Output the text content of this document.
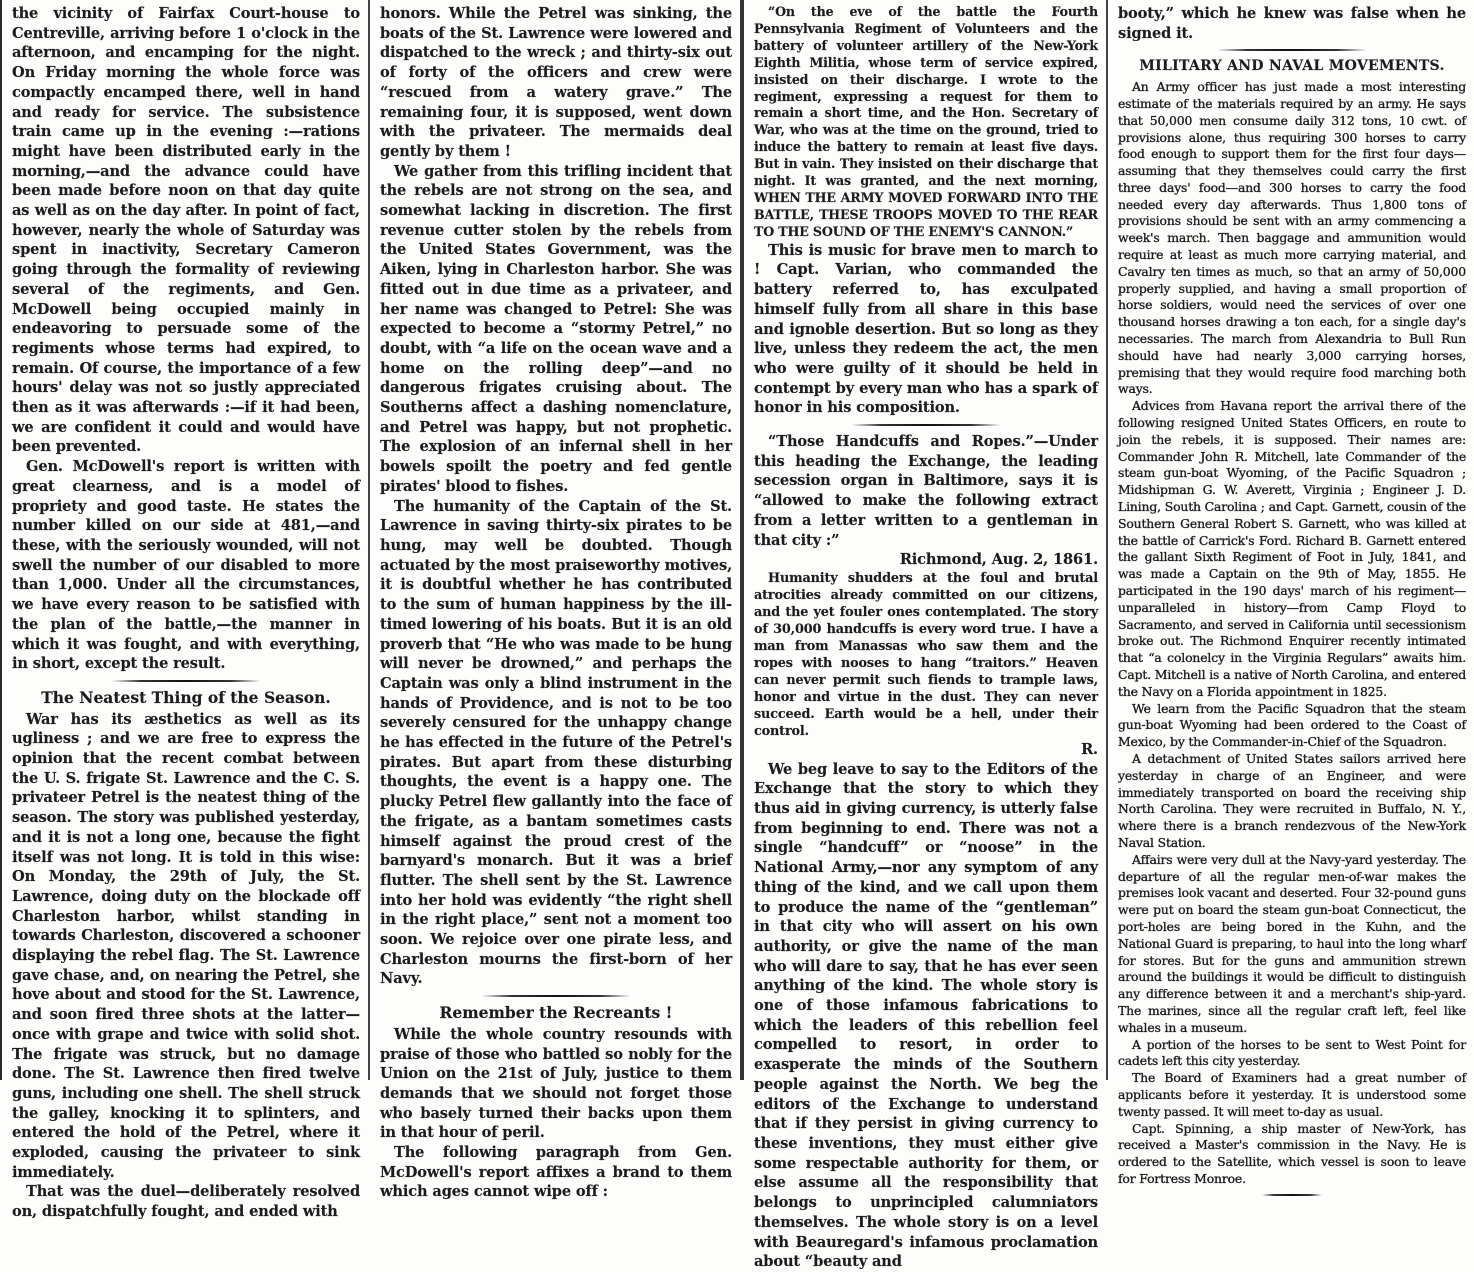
the vicinity of Fairfax Court-house to Centreville, arriving before 1 o'clock in the afternoon, and encamping for the night. On Friday morning the whole force was compactly encamped there, well in hand and ready for service. The subsistence train came up in the evening :—rations might have been distributed early in the morning,—and the advance could have been made before noon on that day quite as well as on the day after. In point of fact, however, nearly the whole of Saturday was spent in inactivity, Secretary Cameron going through the formality of reviewing several of the regiments, and Gen. McDowell being occupied mainly in endeavoring to persuade some of the regiments whose terms had expired, to remain. Of course, the importance of a few hours' delay was not so justly appreciated then as it was afterwards :—if it had been, we are confident it could and would have been prevented.

Gen. McDowell's report is written with great clearness, and is a model of propriety and good taste. He states the number killed on our side at 481,—and these, with the seriously wounded, will not swell the number of our disabled to more than 1,000. Under all the circumstances, we have every reason to be satisfied with the plan of the battle,—the manner in which it was fought, and with everything, in short, except the result.

The Neatest Thing of the Season.

War has its æsthetics as well as its ugliness ; and we are free to express the opinion that the recent combat between the U. S. frigate St. Lawrence and the C. S. privateer Petrel is the neatest thing of the season. The story was published yesterday, and it is not a long one, because the fight itself was not long. It is told in this wise: On Monday, the 29th of July, the St. Lawrence, doing duty on the blockade off Charleston harbor, whilst standing in towards Charleston, discovered a schooner displaying the rebel flag. The St. Lawrence gave chase, and, on nearing the Petrel, she hove about and stood for the St. Lawrence, and soon fired three shots at the latter—once with grape and twice with solid shot. The frigate was struck, but no damage done. The St. Lawrence then fired twelve guns, including one shell. The shell struck the galley, knocking it to splinters, and entered the hold of the Petrel, where it exploded, causing the privateer to sink immediately.

That was the duel—deliberately resolved on, dispatchfully fought, and ended with

honors. While the Petrel was sinking, the boats of the St. Lawrence were lowered and dispatched to the wreck ; and thirty-six out of forty of the officers and crew were “rescued from a watery grave.” The remaining four, it is supposed, went down with the privateer. The mermaids deal gently by them !

We gather from this trifling incident that the rebels are not strong on the sea, and somewhat lacking in discretion. The first revenue cutter stolen by the rebels from the United States Government, was the Aiken, lying in Charleston harbor. She was fitted out in due time as a privateer, and her name was changed to Petrel: She was expected to become a “stormy Petrel,” no doubt, with “a life on the ocean wave and a home on the rolling deep”—and no dangerous frigates cruising about. The Southerns affect a dashing nomenclature, and Petrel was happy, but not prophetic. The explosion of an infernal shell in her bowels spoilt the poetry and fed gentle pirates' blood to fishes.

The humanity of the Captain of the St. Lawrence in saving thirty-six pirates to be hung, may well be doubted. Though actuated by the most praiseworthy motives, it is doubtful whether he has contributed to the sum of human happiness by the ill-timed lowering of his boats. But it is an old proverb that “He who was made to be hung will never be drowned,” and perhaps the Captain was only a blind instrument in the hands of Providence, and is not to be too severely censured for the unhappy change he has effected in the future of the Petrel's pirates. But apart from these disturbing thoughts, the event is a happy one. The plucky Petrel flew gallantly into the face of the frigate, as a bantam sometimes casts himself against the proud crest of the barnyard's monarch. But it was a brief flutter. The shell sent by the St. Lawrence into her hold was evidently “the right shell in the right place,” sent not a moment too soon. We rejoice over one pirate less, and Charleston mourns the first-born of her Navy.

Remember the Recreants !

While the whole country resounds with praise of those who battled so nobly for the Union on the 21st of July, justice to them demands that we should not forget those who basely turned their backs upon them in that hour of peril.

The following paragraph from Gen. McDowell's report affixes a brand to them which ages cannot wipe off :

“On the eve of the battle the Fourth Pennsylvania Regiment of Volunteers and the battery of volunteer artillery of the New-York Eighth Militia, whose term of service expired, insisted on their discharge. I wrote to the regiment, expressing a request for them to remain a short time, and the Hon. Secretary of War, who was at the time on the ground, tried to induce the battery to remain at least five days. But in vain. They insisted on their discharge that night. It was granted, and the next morning, WHEN THE ARMY MOVED FORWARD INTO THE BATTLE, THESE TROOPS MOVED TO THE REAR TO THE SOUND OF THE ENEMY'S CANNON.”

This is music for brave men to march to ! Capt. Varian, who commanded the battery referred to, has exculpated himself fully from all share in this base and ignoble desertion. But so long as they live, unless they redeem the act, the men who were guilty of it should be held in contempt by every man who has a spark of honor in his composition.

“Those Handcuffs and Ropes.”—Under this heading the Exchange, the leading secession organ in Baltimore, says it is “allowed to make the following extract from a letter written to a gentleman in that city :”

Richmond, Aug. 2, 1861.

Humanity shudders at the foul and brutal atrocities already committed on our citizens, and the yet fouler ones contemplated. The story of 30,000 handcuffs is every word true. I have a man from Manassas who saw them and the ropes with nooses to hang “traitors.” Heaven can never permit such fiends to trample laws, honor and virtue in the dust. They can never succeed. Earth would be a hell, under their control.

R.

We beg leave to say to the Editors of the Exchange that the story to which they thus aid in giving currency, is utterly false from beginning to end. There was not a single “handcuff” or “noose” in the National Army,—nor any symptom of any thing of the kind, and we call upon them to produce the name of the “gentleman” in that city who will assert on his own authority, or give the name of the man who will dare to say, that he has ever seen anything of the kind. The whole story is one of those infamous fabrications to which the leaders of this rebellion feel compelled to resort, in order to exasperate the minds of the Southern people against the North. We beg the editors of the Exchange to understand that if they persist in giving currency to these inventions, they must either give some respectable authority for them, or else assume all the responsibility that belongs to unprincipled calumniators themselves. The whole story is on a level with Beauregard's infamous proclamation about “beauty and

booty,” which he knew was false when he signed it.

MILITARY AND NAVAL MOVEMENTS.

An Army officer has just made a most interesting estimate of the materials required by an army. He says that 50,000 men consume daily 312 tons, 10 cwt. of provisions alone, thus requiring 300 horses to carry food enough to support them for the first four days—assuming that they themselves could carry the first three days' food—and 300 horses to carry the food needed every day afterwards. Thus 1,800 tons of provisions should be sent with an army commencing a week's march. Then baggage and ammunition would require at least as much more carrying material, and Cavalry ten times as much, so that an army of 50,000 properly supplied, and having a small proportion of horse soldiers, would need the services of over one thousand horses drawing a ton each, for a single day's necessaries. The march from Alexandria to Bull Run should have had nearly 3,000 carrying horses, premising that they would require food marching both ways.

Advices from Havana report the arrival there of the following resigned United States Officers, en route to join the rebels, it is supposed. Their names are: Commander John R. Mitchell, late Commander of the steam gun-boat Wyoming, of the Pacific Squadron ; Midshipman G. W. Averett, Virginia ; Engineer J. D. Lining, South Carolina ; and Capt. Garnett, cousin of the Southern General Robert S. Garnett, who was killed at the battle of Carrick's Ford. Richard B. Garnett entered the gallant Sixth Regiment of Foot in July, 1841, and was made a Captain on the 9th of May, 1855. He participated in the 190 days' march of his regiment—unparalleled in history—from Camp Floyd to Sacramento, and served in California until secessionism broke out. The Richmond Enquirer recently intimated that “a colonelcy in the Virginia Regulars” awaits him. Capt. Mitchell is a native of North Carolina, and entered the Navy on a Florida appointment in 1825.

We learn from the Pacific Squadron that the steam gun-boat Wyoming had been ordered to the Coast of Mexico, by the Commander-in-Chief of the Squadron.

A detachment of United States sailors arrived here yesterday in charge of an Engineer, and were immediately transported on board the receiving ship North Carolina. They were recruited in Buffalo, N. Y., where there is a branch rendezvous of the New-York Naval Station.

Affairs were very dull at the Navy-yard yesterday. The departure of all the regular men-of-war makes the premises look vacant and deserted. Four 32-pound guns were put on board the steam gun-boat Connecticut, the port-holes are being bored in the Kuhn, and the National Guard is preparing, to haul into the long wharf for stores. But for the guns and ammunition strewn around the buildings it would be difficult to distinguish any difference between it and a merchant's ship-yard. The marines, since all the regular craft left, feel like whales in a museum.

A portion of the horses to be sent to West Point for cadets left this city yesterday.

The Board of Examiners had a great number of applicants before it yesterday. It is understood some twenty passed. It will meet to-day as usual.

Capt. Spinning, a ship master of New-York, has received a Master's commission in the Navy. He is ordered to the Satellite, which vessel is soon to leave for Fortress Monroe.
